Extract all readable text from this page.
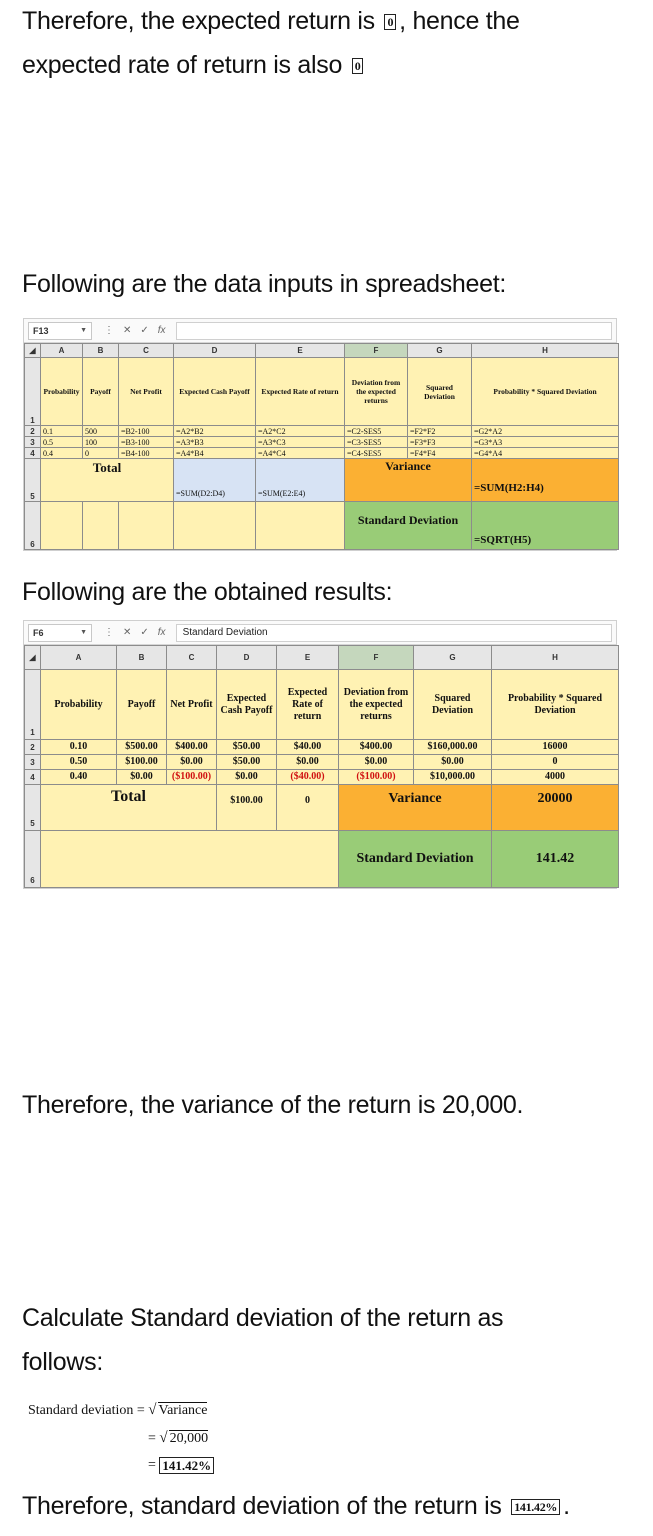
Therefore, the expected return is 0 , hence the
expected rate of return is also 0
Following are the data inputs in spreadsheet:
F13	▼ ⋮ ✕ ✓ fx
◢	A	B	C	D	E	F	G	H
1	Probability	Payoff	Net Profit	Expected Cash Payoff	Expected Rate of return	Deviation from the expected returns	Squared Deviation	Probability * Squared Deviation
2	0.1	500	=B2-100	=A2*B2	=A2*C2	=C2-SES5	=F2*F2	=G2*A2
3	0.5	100	=B3-100	=A3*B3	=A3*C3	=C3-SES5	=F3*F3	=G3*A3
4	0.4	0	=B4-100	=A4*B4	=A4*C4	=C4-SES5	=F4*F4	=G4*A4
5	Total			=SUM(D2:D4)	=SUM(E2:E4)	Variance		=SUM(H2:H4)
6						Standard Deviation		=SQRT(H5)
Following are the obtained results:
F6	▼ ⋮ ✕ ✓ fx	Standard Deviation
◢	A	B	C	D	E	F	G	H
1	Probability	Payoff	Net Profit	Expected Cash Payoff	Expected Rate of return	Deviation from the expected returns	Squared Deviation	Probability * Squared Deviation
2	0.10	$500.00	$400.00	$50.00	$40.00	$400.00	$160,000.00	16000
3	0.50	$100.00	$0.00	$50.00	$0.00	$0.00	$0.00	0
4	0.40	$0.00	($100.00)	$0.00	($40.00)	($100.00)	$10,000.00	4000
5	Total			$100.00	0	Variance		20000
6						Standard Deviation		141.42
Therefore, the variance of the return is 20,000.
Calculate Standard deviation of the return as
follows:
Standard deviation = √ Variance
= √ 20,000
= 141.42%
Therefore, standard deviation of the return is 141.42% .
